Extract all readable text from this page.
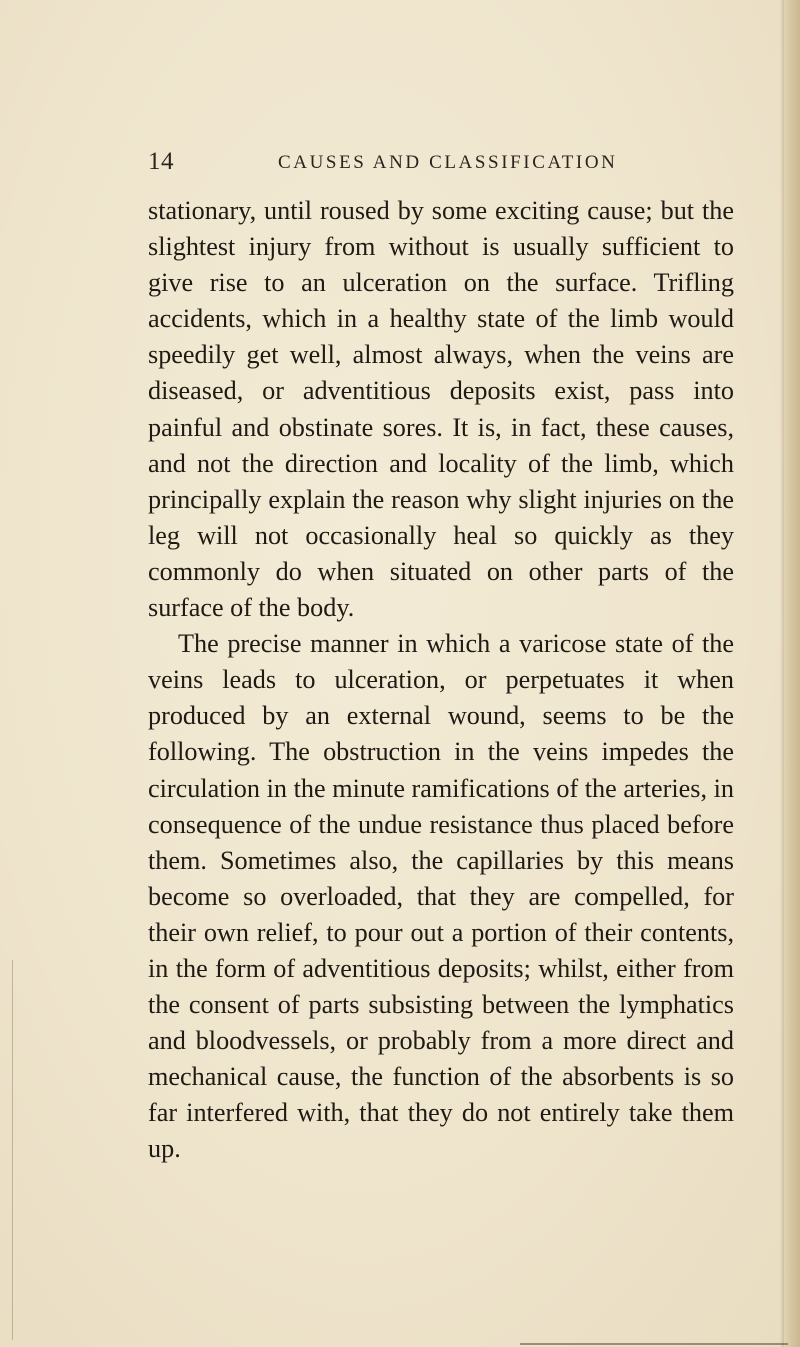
14	CAUSES AND CLASSIFICATION

stationary, until roused by some exciting cause; but the slightest injury from without is usually sufficient to give rise to an ulceration on the surface. Trifling accidents, which in a healthy state of the limb would speedily get well, almost always, when the veins are diseased, or adventitious deposits exist, pass into painful and obstinate sores. It is, in fact, these causes, and not the direction and locality of the limb, which principally explain the reason why slight injuries on the leg will not occasionally heal so quickly as they commonly do when situated on other parts of the surface of the body.

The precise manner in which a varicose state of the veins leads to ulceration, or perpetuates it when produced by an external wound, seems to be the following. The obstruction in the veins impedes the circulation in the minute ramifications of the arteries, in consequence of the undue resistance thus placed before them. Sometimes also, the capillaries by this means become so overloaded, that they are compelled, for their own relief, to pour out a portion of their contents, in the form of adventitious deposits; whilst, either from the consent of parts subsisting between the lymphatics and bloodvessels, or probably from a more direct and mechanical cause, the function of the absorbents is so far interfered with, that they do not entirely take them up.
